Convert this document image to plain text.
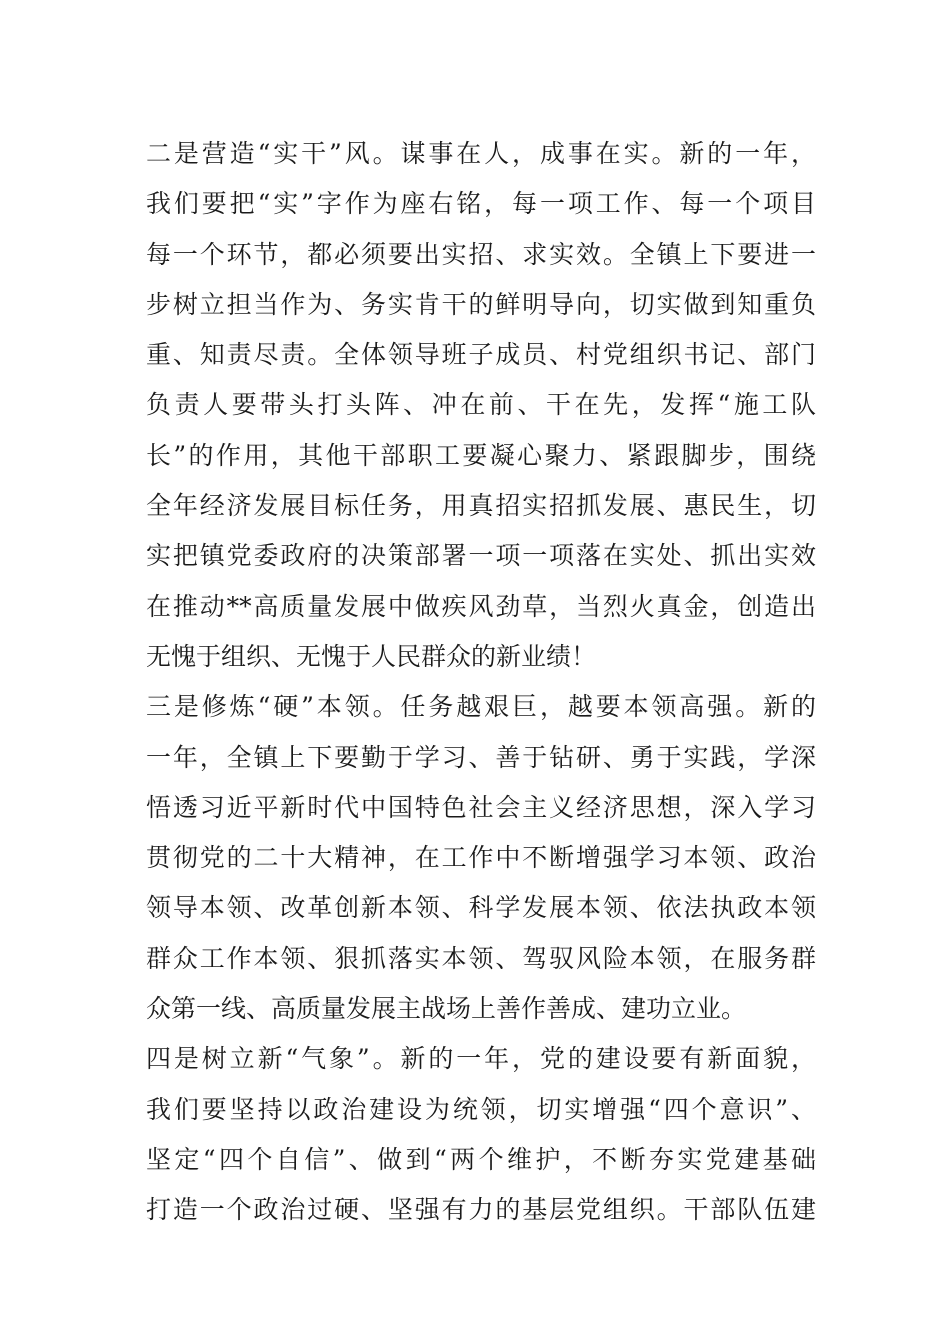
二是营造“实干”风。谋事在人，成事在实。新的一年，
我们要把“实”字作为座右铭，每一项工作、每一个项目
每一个环节，都必须要出实招、求实效。全镇上下要进一
步树立担当作为、务实肯干的鲜明导向，切实做到知重负
重、知责尽责。全体领导班子成员、村党组织书记、部门
负责人要带头打头阵、冲在前、干在先，发挥“施工队
长”的作用，其他干部职工要凝心聚力、紧跟脚步，围绕
全年经济发展目标任务，用真招实招抓发展、惠民生，切
实把镇党委政府的决策部署一项一项落在实处、抓出实效
在推动**高质量发展中做疾风劲草，当烈火真金，创造出
无愧于组织、无愧于人民群众的新业绩！
三是修炼“硬”本领。任务越艰巨，越要本领高强。新的
一年，全镇上下要勤于学习、善于钻研、勇于实践，学深
悟透习近平新时代中国特色社会主义经济思想，深入学习
贯彻党的二十大精神，在工作中不断增强学习本领、政治
领导本领、改革创新本领、科学发展本领、依法执政本领
群众工作本领、狠抓落实本领、驾驭风险本领，在服务群
众第一线、高质量发展主战场上善作善成、建功立业。
四是树立新“气象”。新的一年，党的建设要有新面貌，
我们要坚持以政治建设为统领，切实增强“四个意识”、
坚定“四个自信”、做到“两个维护，不断夯实党建基础
打造一个政治过硬、坚强有力的基层党组织。干部队伍建
